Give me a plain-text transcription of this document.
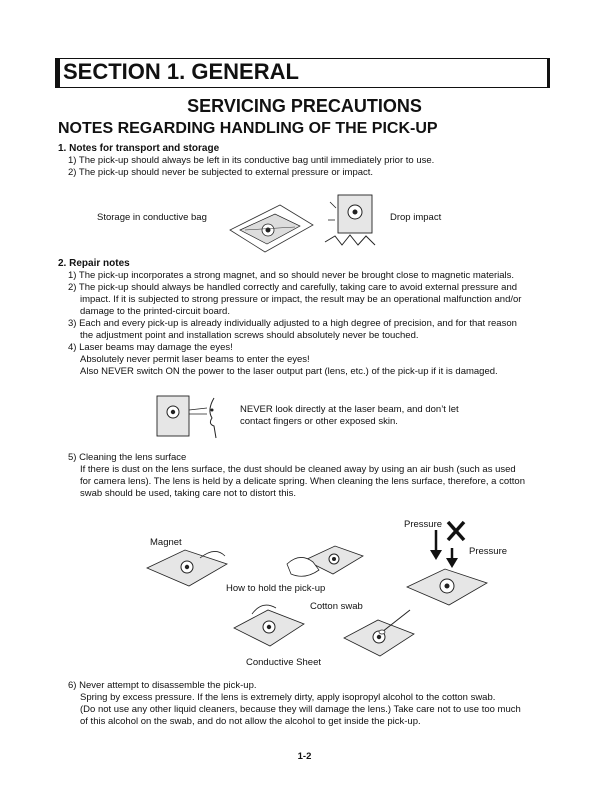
SECTION 1. GENERAL
SERVICING PRECAUTIONS
NOTES REGARDING HANDLING OF THE PICK-UP
1. Notes for transport and storage
1) The pick-up should always be left in its conductive bag until immediately prior to use.
2) The pick-up should never be subjected to external pressure or impact.
Storage in conductive bag	Drop impact
2. Repair notes
1) The pick-up incorporates a strong magnet, and so should never be brought close to magnetic materials.
2) The pick-up should always be handled correctly and carefully, taking care to avoid external pressure and
impact. If it is subjected to strong pressure or impact, the result may be an operational malfunction and/or
damage to the printed-circuit board.
3) Each and every pick-up is already individually adjusted to a high degree of precision, and for that reason
the adjustment point and installation screws should absolutely never be touched.
4) Laser beams may damage the eyes!
Absolutely never permit laser beams to enter the eyes!
Also NEVER switch ON the power to the laser output part (lens, etc.) of the pick-up if it is damaged.
NEVER look directly at the laser beam, and don’t let
contact fingers or other exposed skin.
5) Cleaning the lens surface
If there is dust on the lens surface, the dust should be cleaned away by using an air bush (such as used
for camera lens). The lens is held by a delicate spring. When cleaning the lens surface, therefore, a cotton
swab should be used, taking care not to distort this.
Magnet
Pressure
Pressure
How to hold the pick-up
Cotton swab
Conductive Sheet
6) Never attempt to disassemble the pick-up.
Spring by excess pressure. If the lens is extremely dirty, apply isopropyl alcohol to the cotton swab.
(Do not use any other liquid cleaners, because they will damage the lens.) Take care not to use too much
of this alcohol on the swab, and do not allow the alcohol to get inside the pick-up.
1-2
